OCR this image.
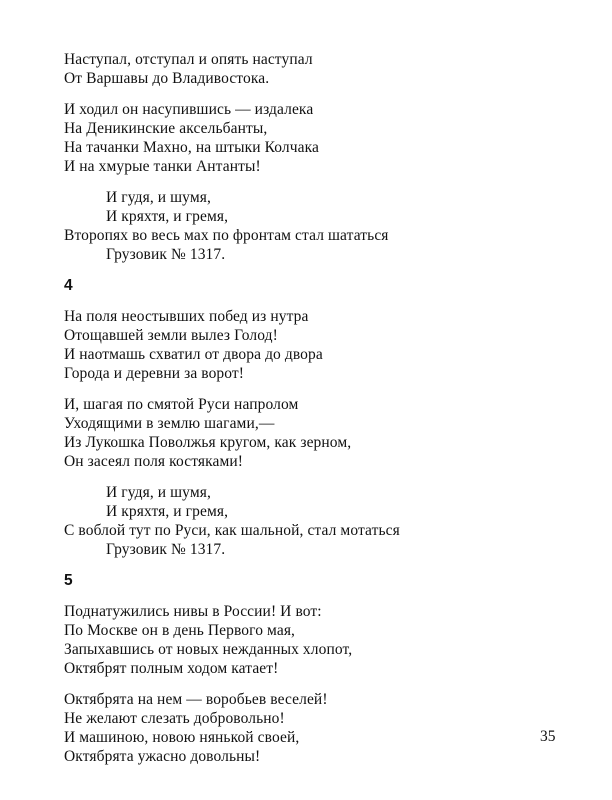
Наступал, отступал и опять наступал
От Варшавы до Владивостока.
И ходил он насупившись — издалека
На Деникинские аксельбанты,
На тачанки Махно, на штыки Колчака
И на хмурые танки Антанты!
И гудя, и шумя,
И кряхтя, и гремя,
Второпях во весь мах по фронтам стал шататься
Грузовик № 1317.
4
На поля неостывших побед из нутра
Отощавшей земли вылез Голод!
И наотмашь схватил от двора до двора
Города и деревни за ворот!
И, шагая по смятой Руси напролом
Уходящими в землю шагами,—
Из Лукошка Поволжья кругом, как зерном,
Он засеял поля костяками!
И гудя, и шумя,
И кряхтя, и гремя,
С воблой тут по Руси, как шальной, стал мотаться
Грузовик № 1317.
5
Поднатужились нивы в России! И вот:
По Москве он в день Первого мая,
Запыхавшись от новых нежданных хлопот,
Октябрят полным ходом катает!
Октябрята на нем — воробьев веселей!
Не желают слезать добровольно!
И машиною, новою нянькой своей,
Октябрята ужасно довольны!
35
